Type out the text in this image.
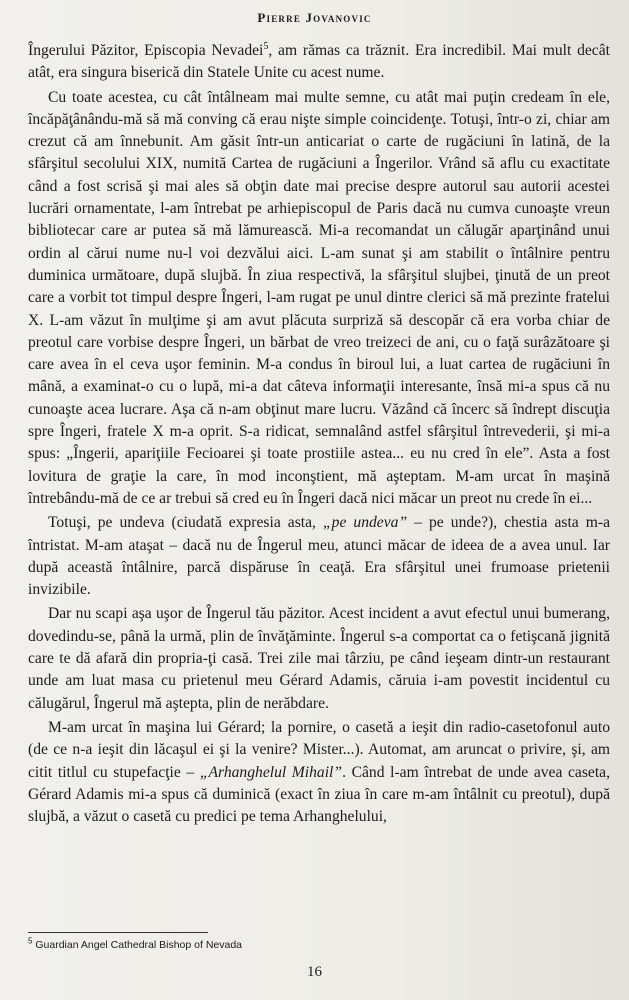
Pierre Jovanovic

Îngerului Păzitor, Episcopia Nevadei$^5$, am rămas ca trăznit. Era incredibil. Mai mult decât atât, era singura biserică din Statele Unite cu acest nume.

Cu toate acestea, cu cât întâlneam mai multe semne, cu atât mai puţin credeam în ele, încăpăţânându-mă să mă conving că erau nişte simple coincidenţe. Totuşi, într-o zi, chiar am crezut că am înnebunit. Am găsit într-un anticariat o carte de rugăciuni în latină, de la sfârşitul secolului XIX, numită Cartea de rugăciuni a Îngerilor. Vrând să aflu cu exactitate când a fost scrisă şi mai ales să obţin date mai precise despre autorul sau autorii acestei lucrări ornamentate, l-am întrebat pe arhiepiscopul de Paris dacă nu cumva cunoaşte vreun bibliotecar care ar putea să mă lămurească. Mi-a recomandat un călugăr aparţinând unui ordin al cărui nume nu-l voi dezvălui aici. L-am sunat şi am stabilit o întâlnire pentru duminica următoare, după slujbă. În ziua respectivă, la sfârşitul slujbei, ţinută de un preot care a vorbit tot timpul despre Îngeri, l-am rugat pe unul dintre clerici să mă prezinte fratelui X. L-am văzut în mulţime şi am avut plăcuta surpriză să descopăr că era vorba chiar de preotul care vorbise despre Îngeri, un bărbat de vreo treizeci de ani, cu o faţă surâzătoare şi care avea în el ceva uşor feminin. M-a condus în biroul lui, a luat cartea de rugăciuni în mână, a examinat-o cu o lupă, mi-a dat câteva informaţii interesante, însă mi-a spus că nu cunoaşte acea lucrare. Aşa că n-am obţinut mare lucru. Văzând că încerc să îndrept discuţia spre Îngeri, fratele X m-a oprit. S-a ridicat, semnalând astfel sfârşitul întrevederii, şi mi-a spus: „Îngerii, apariţiile Fecioarei şi toate prostiile astea... eu nu cred în ele”. Asta a fost lovitura de graţie la care, în mod inconştient, mă aşteptam. M-am urcat în maşină întrebându-mă de ce ar trebui să cred eu în Îngeri dacă nici măcar un preot nu crede în ei...

Totuşi, pe undeva (ciudată expresia asta, „pe undeva” – pe unde?), chestia asta m-a întristat. M-am ataşat – dacă nu de Îngerul meu, atunci măcar de ideea de a avea unul. Iar după această întâlnire, parcă dispăruse în ceaţă. Era sfârşitul unei frumoase prietenii invizibile.

Dar nu scapi aşa uşor de Îngerul tău păzitor. Acest incident a avut efectul unui bumerang, dovedindu-se, până la urmă, plin de învăţăminte. Îngerul s-a comportat ca o fetişcană jignită care te dă afară din propria-ţi casă. Trei zile mai târziu, pe când ieşeam dintr-un restaurant unde am luat masa cu prietenul meu Gérard Adamis, căruia i-am povestit incidentul cu călugărul, Îngerul mă aştepta, plin de nerăbdare.

M-am urcat în maşina lui Gérard; la pornire, o casetă a ieşit din radio-casetofonul auto (de ce n-a ieşit din lăcaşul ei şi la venire? Mister...). Automat, am aruncat o privire, şi, am citit titlul cu stupefacţie – „Arhanghelul Mihail”. Când l-am întrebat de unde avea caseta, Gérard Adamis mi-a spus că duminică (exact în ziua în care m-am întâlnit cu preotul), după slujbă, a văzut o casetă cu predici pe tema Arhanghelului,

$^5$ Guardian Angel Cathedral Bishop of Nevada
16
